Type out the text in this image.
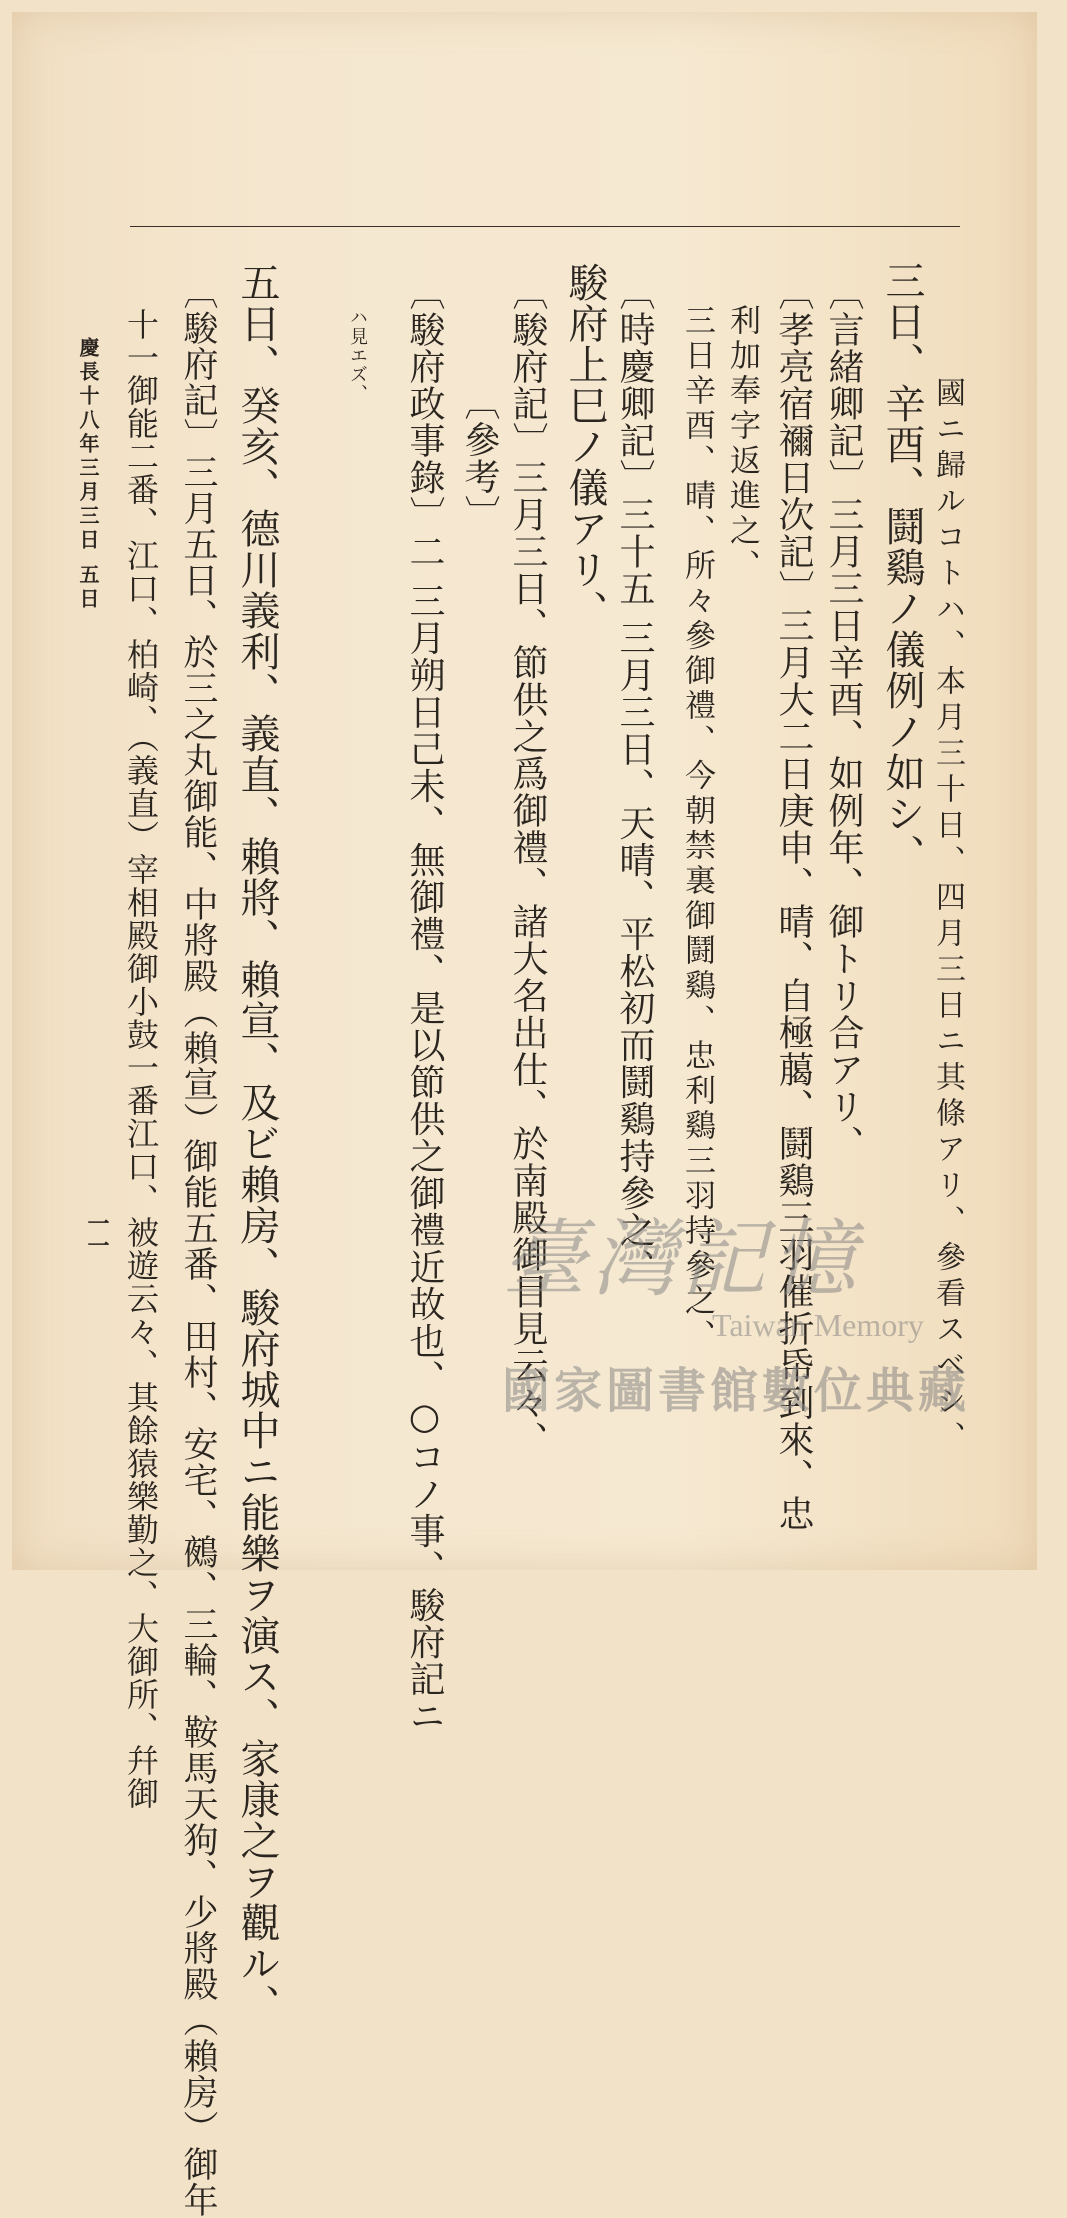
國ニ歸ルコトハ、本月三十日、四月三日ニ其條アリ、參看スベシ、
三日、辛酉、鬪鷄ノ儀例ノ如シ、
〔言緒卿記〕三月三日辛酉、如例年、御トリ合アリ、
〔孝亮宿禰日次記〕三月大二日庚申、晴、自極﨟、鬪鷄三羽催折帋到來、忠
利加奉字返進之、
三日辛酉、晴、所々參御禮、今朝禁裏御鬪鷄、忠利鷄三羽持參之、
〔時慶卿記〕三十五 三月三日、天晴、平松初而鬪鷄持參之、
駿府上巳ノ儀アリ、
〔駿府記〕三月三日、節供之爲御禮、諸大名出仕、於南殿御目見云々、
〔參考〕
〔駿府政事錄〕二 三月朔日己未、無御禮、是以節供之御禮近故也、○コノ事、駿府記ニ
ハ見エズ、
五日、癸亥、德川義利、義直、賴將、賴宣、及ビ賴房、駿府城中ニ能樂ヲ演ス、家康之ヲ觀ル、
〔駿府記〕三月五日、於三之丸御能、中將殿（賴宣）御能五番、田村、安宅、鵺、三輪、鞍馬天狗、少將殿（賴房）御年
十一御能二番、江口、柏崎、（義直）宰相殿御小鼓一番江口、被遊云々、其餘猿樂勤之、大御所、幷御
慶長十八年三月三日 五日
一一	臺灣記憶
Taiwan Memory
國家圖書館數位典藏
